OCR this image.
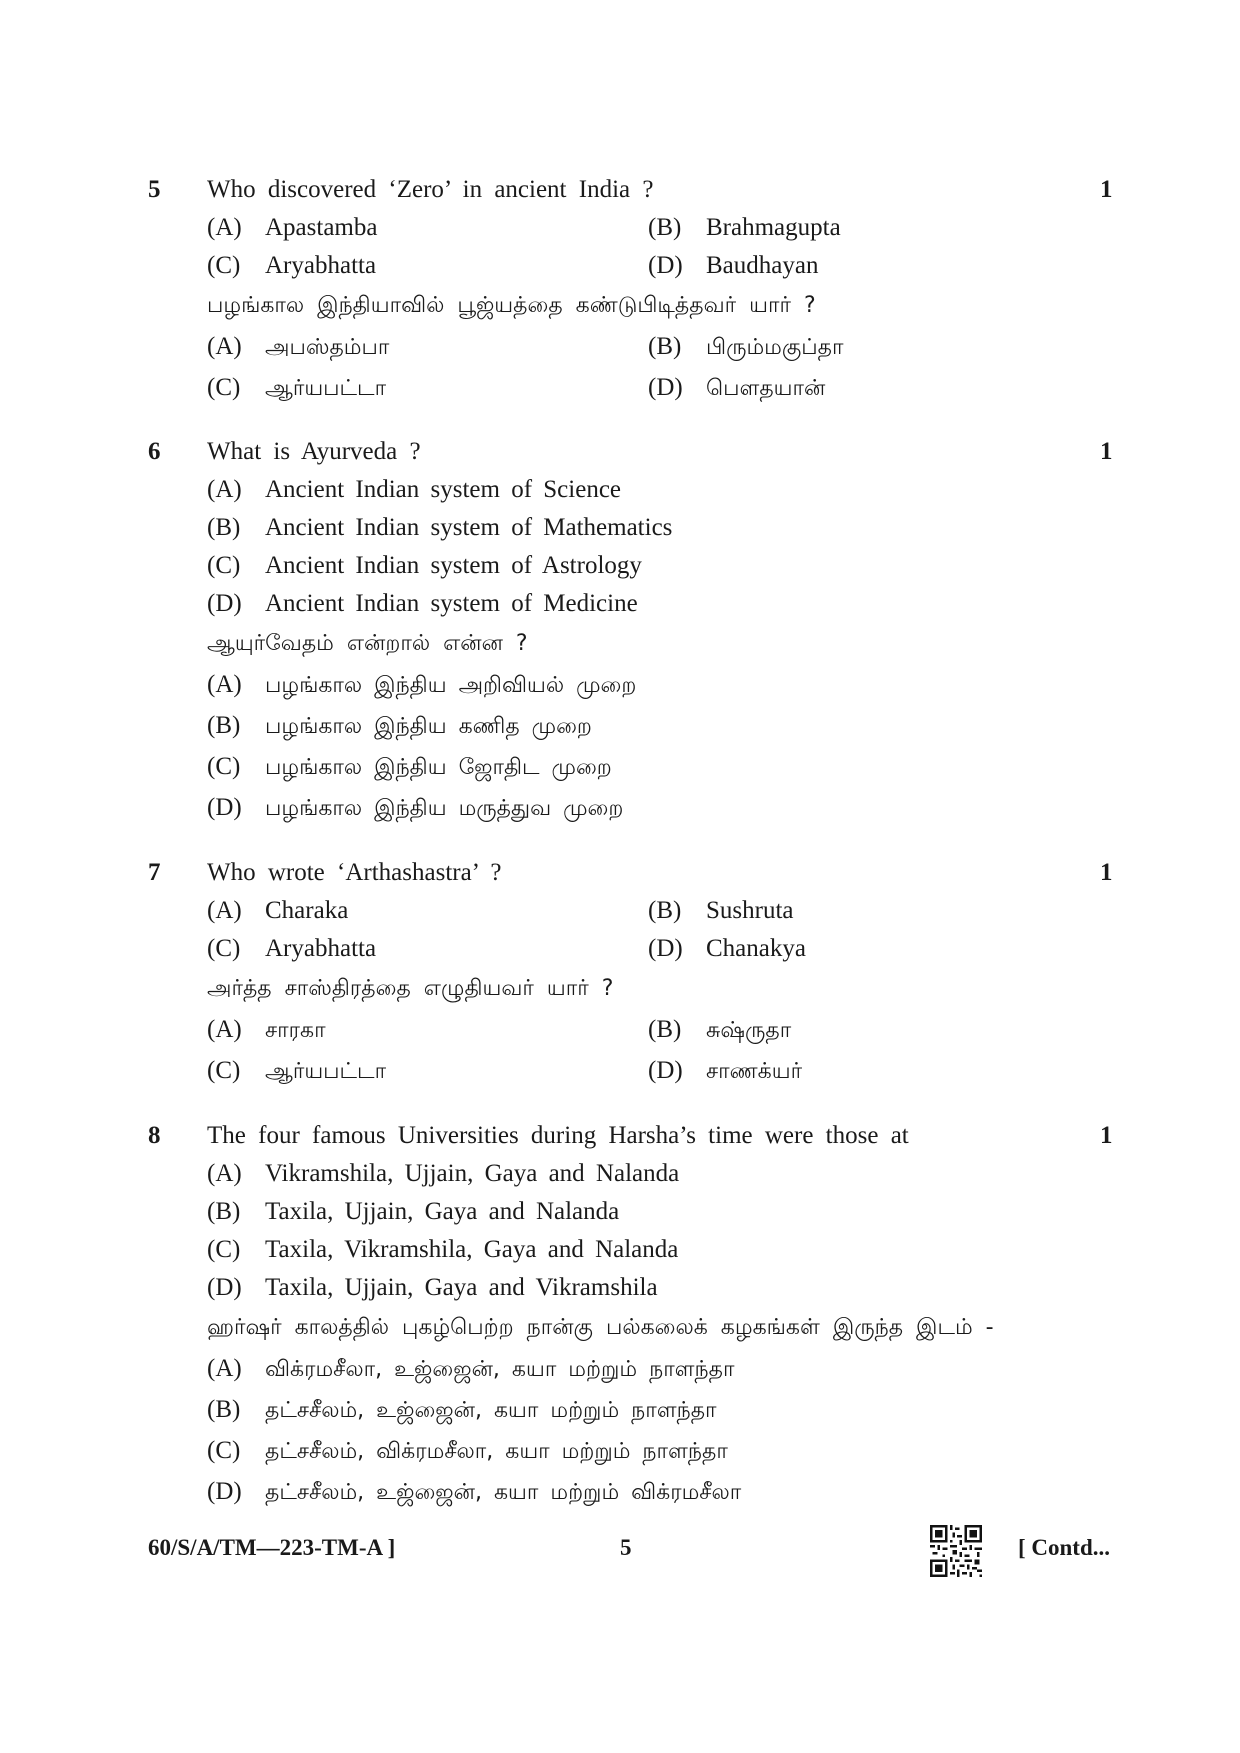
5 Who discovered ‘Zero’ in ancient India ?	1
(A) Apastamba	(B) Brahmagupta
(C) Aryabhatta	(D) Baudhayan
பழங்கால இந்தியாவில் பூஜ்யத்தை கண்டுபிடித்தவர் யார் ?
(A) அபஸ்தம்பா	(B) பிரும்மகுப்தா
(C) ஆர்யபட்டா	(D) பௌதயான்
6 What is Ayurveda ?	1
(A) Ancient Indian system of Science
(B) Ancient Indian system of Mathematics
(C) Ancient Indian system of Astrology
(D) Ancient Indian system of Medicine
ஆயுர்வேதம் என்றால் என்ன ?
(A) பழங்கால இந்திய அறிவியல் முறை
(B) பழங்கால இந்திய கணித முறை
(C) பழங்கால இந்திய ஜோதிட முறை
(D) பழங்கால இந்திய மருத்துவ முறை
7 Who wrote ‘Arthashastra’ ?	1
(A) Charaka	(B) Sushruta
(C) Aryabhatta	(D) Chanakya
அர்த்த சாஸ்திரத்தை எழுதியவர் யார் ?
(A) சாரகா	(B) சுஷ்ருதா
(C) ஆர்யபட்டா	(D) சாணக்யர்
8 The four famous Universities during Harsha’s time were those at	1
(A) Vikramshila, Ujjain, Gaya and Nalanda
(B) Taxila, Ujjain, Gaya and Nalanda
(C) Taxila, Vikramshila, Gaya and Nalanda
(D) Taxila, Ujjain, Gaya and Vikramshila
ஹர்ஷர் காலத்தில் புகழ்பெற்ற நான்கு பல்கலைக் கழகங்கள் இருந்த இடம் -
(A) விக்ரமசீலா, உஜ்ஜைன், கயா மற்றும் நாளந்தா
(B) தட்சசீலம், உஜ்ஜைன், கயா மற்றும் நாளந்தா
(C) தட்சசீலம், விக்ரமசீலா, கயா மற்றும் நாளந்தா
(D) தட்சசீலம், உஜ்ஜைன், கயா மற்றும் விக்ரமசீலா
60/S/A/TM—223-TM-A ]	5	[ Contd...
